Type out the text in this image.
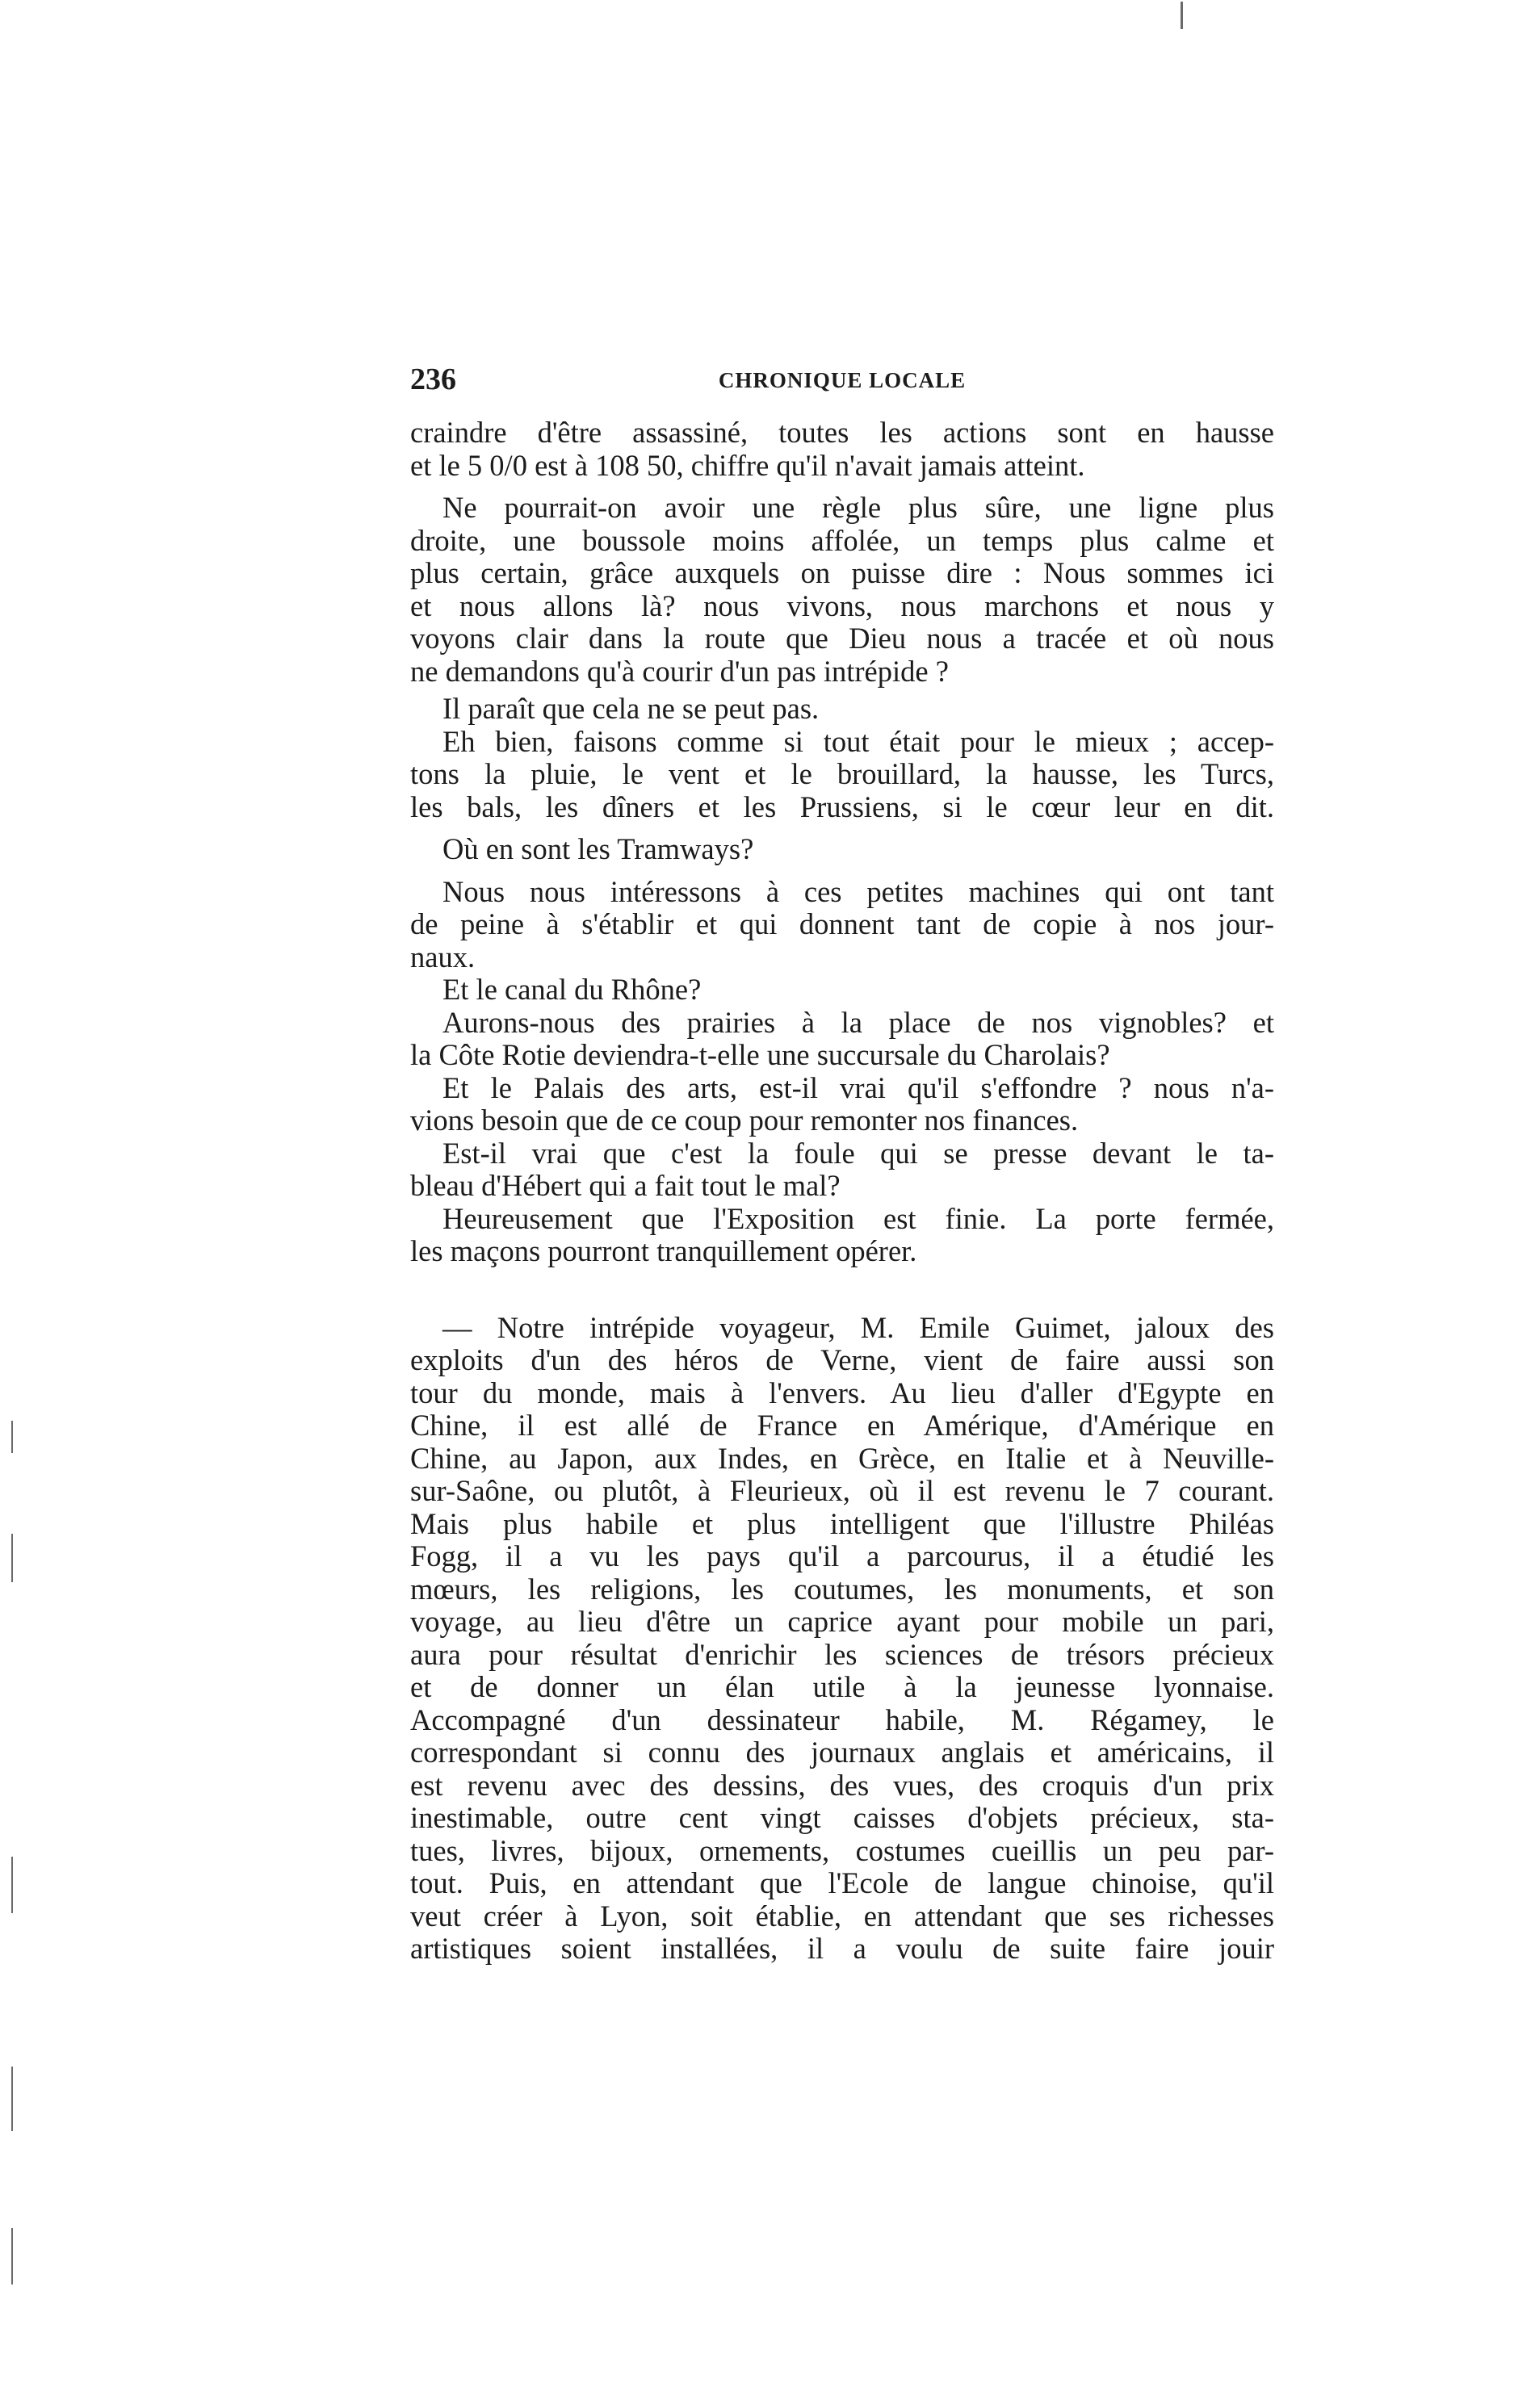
236	CHRONIQUE LOCALE
craindre d'être assassiné, toutes les actions sont en hausse
et le 5 0/0 est à 108 50, chiffre qu'il n'avait jamais atteint.
Ne pourrait-on avoir une règle plus sûre, une ligne plus
droite, une boussole moins affolée, un temps plus calme et
plus certain, grâce auxquels on puisse dire : Nous sommes ici
et nous allons là? nous vivons, nous marchons et nous y
voyons clair dans la route que Dieu nous a tracée et où nous
ne demandons qu'à courir d'un pas intrépide ?
Il paraît que cela ne se peut pas.
Eh bien, faisons comme si tout était pour le mieux ; accep-
tons la pluie, le vent et le brouillard, la hausse, les Turcs,
les bals, les dîners et les Prussiens, si le cœur leur en dit.
Où en sont les Tramways?
Nous nous intéressons à ces petites machines qui ont tant
de peine à s'établir et qui donnent tant de copie à nos jour-
naux.
Et le canal du Rhône?
Aurons-nous des prairies à la place de nos vignobles? et
la Côte Rotie deviendra-t-elle une succursale du Charolais?
Et le Palais des arts, est-il vrai qu'il s'effondre ? nous n'a-
vions besoin que de ce coup pour remonter nos finances.
Est-il vrai que c'est la foule qui se presse devant le ta-
bleau d'Hébert qui a fait tout le mal?
Heureusement que l'Exposition est finie. La porte fermée,
les maçons pourront tranquillement opérer.
— Notre intrépide voyageur, M. Emile Guimet, jaloux des
exploits d'un des héros de Verne, vient de faire aussi son
tour du monde, mais à l'envers. Au lieu d'aller d'Egypte en
Chine, il est allé de France en Amérique, d'Amérique en
Chine, au Japon, aux Indes, en Grèce, en Italie et à Neuville-
sur-Saône, ou plutôt, à Fleurieux, où il est revenu le 7 courant.
Mais plus habile et plus intelligent que l'illustre Philéas
Fogg, il a vu les pays qu'il a parcourus, il a étudié les
mœurs, les religions, les coutumes, les monuments, et son
voyage, au lieu d'être un caprice ayant pour mobile un pari,
aura pour résultat d'enrichir les sciences de trésors précieux
et de donner un élan utile à la jeunesse lyonnaise.
Accompagné d'un dessinateur habile, M. Régamey, le
correspondant si connu des journaux anglais et américains, il
est revenu avec des dessins, des vues, des croquis d'un prix
inestimable, outre cent vingt caisses d'objets précieux, sta-
tues, livres, bijoux, ornements, costumes cueillis un peu par-
tout. Puis, en attendant que l'Ecole de langue chinoise, qu'il
veut créer à Lyon, soit établie, en attendant que ses richesses
artistiques soient installées, il a voulu de suite faire jouir
